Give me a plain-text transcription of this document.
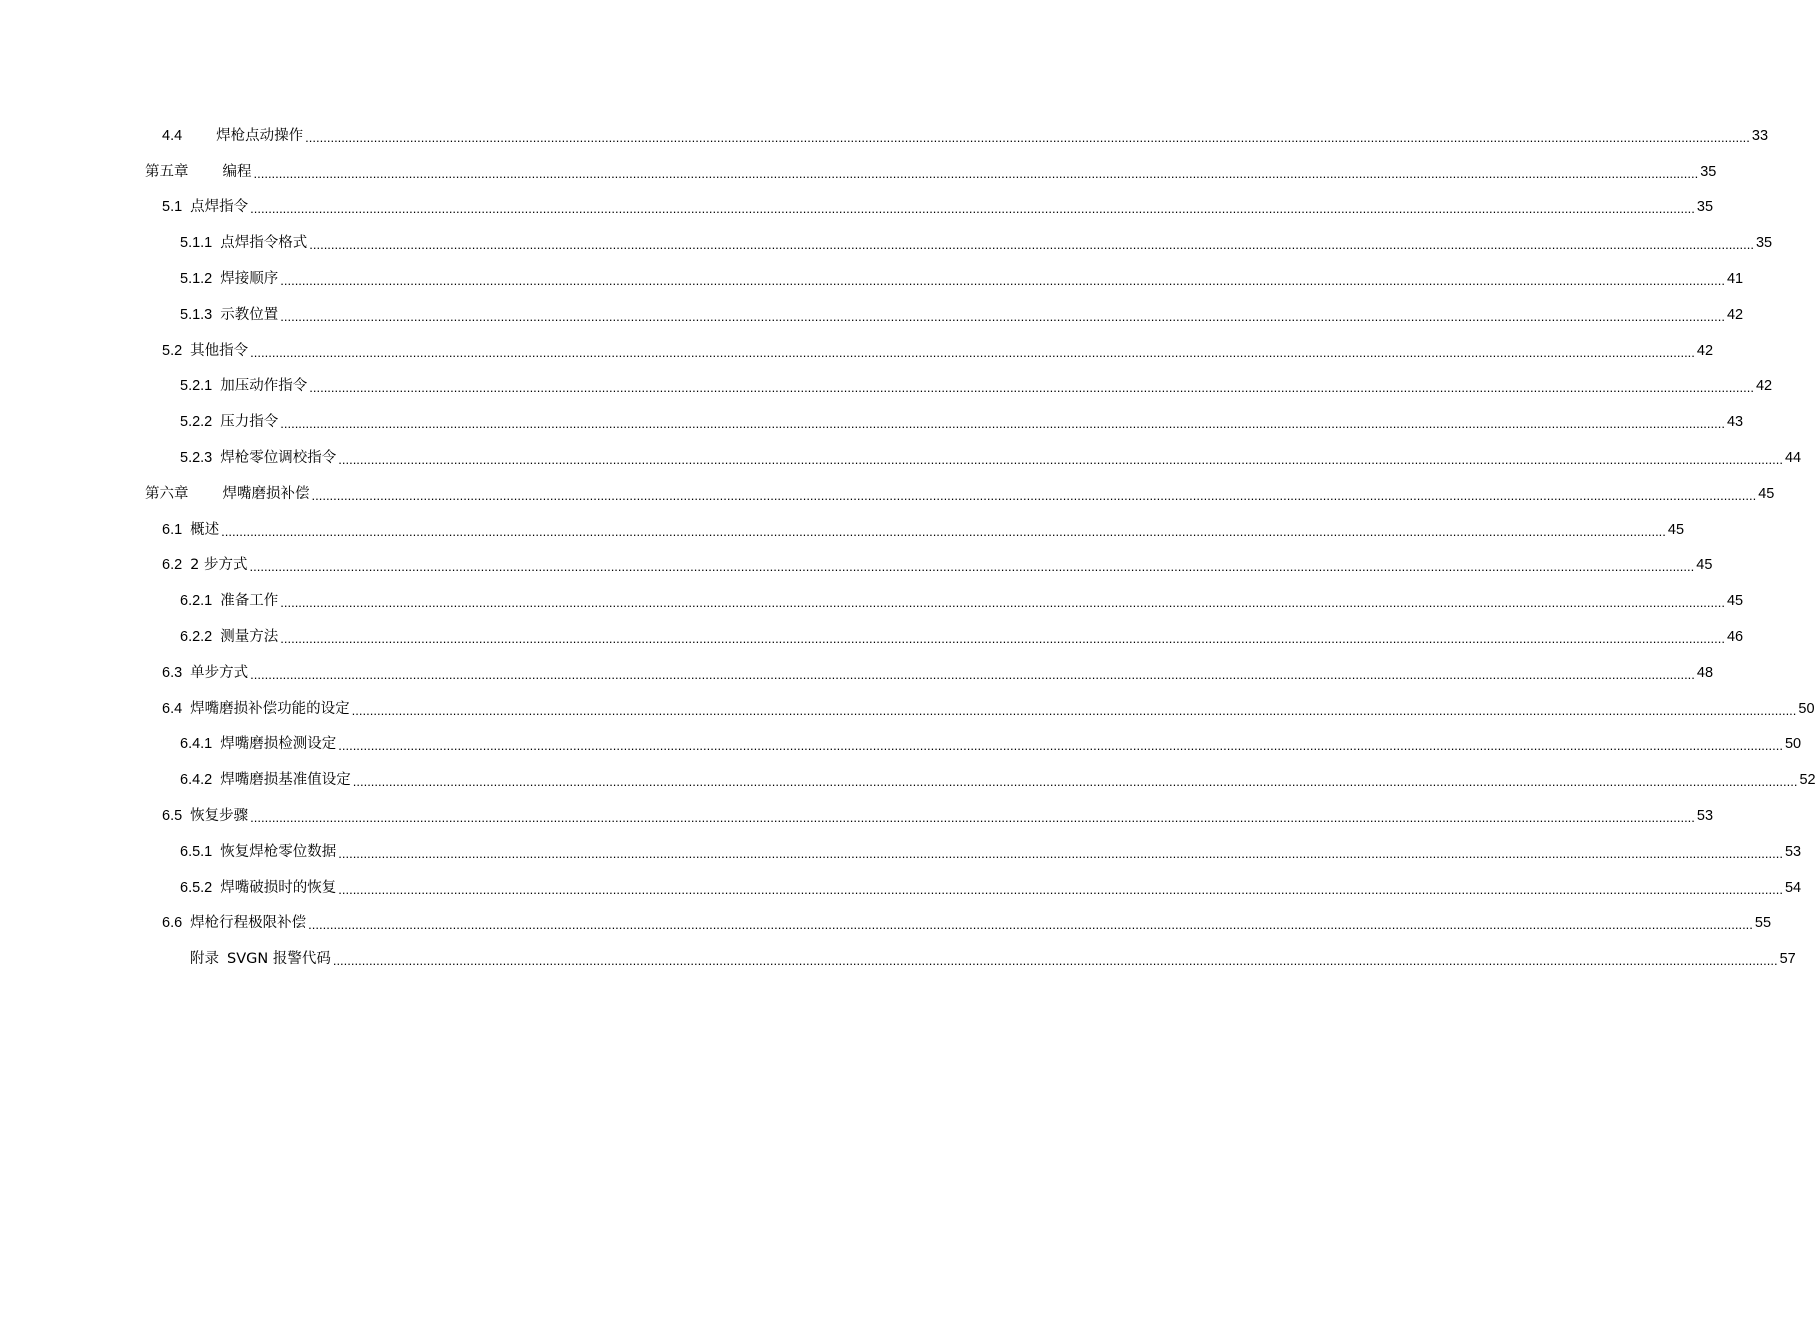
4.4 焊枪点动操作 ................................................................................................................................................................................................................................................................................................................................................................................................................ 33
第五章 编程 ................................................................................................................................................................................................................................................................................................................................................................................................................ 35
5.1 点焊指令 ................................................................................................................................................................................................................................................................................................................................................................................................................ 35
5.1.1 点焊指令格式 ................................................................................................................................................................................................................................................................................................................................................................................................................ 35
5.1.2 焊接顺序 ................................................................................................................................................................................................................................................................................................................................................................................................................ 41
5.1.3 示教位置 ................................................................................................................................................................................................................................................................................................................................................................................................................ 42
5.2 其他指令 ................................................................................................................................................................................................................................................................................................................................................................................................................ 42
5.2.1 加压动作指令 ................................................................................................................................................................................................................................................................................................................................................................................................................ 42
5.2.2 压力指令 ................................................................................................................................................................................................................................................................................................................................................................................................................ 43
5.2.3 焊枪零位调校指令 ................................................................................................................................................................................................................................................................................................................................................................................................................ 44
第六章 焊嘴磨损补偿 ................................................................................................................................................................................................................................................................................................................................................................................................................ 45
6.1 概述 ................................................................................................................................................................................................................................................................................................................................................................................................................ 45
6.2 2 步方式 ................................................................................................................................................................................................................................................................................................................................................................................................................ 45
6.2.1 准备工作 ................................................................................................................................................................................................................................................................................................................................................................................................................ 45
6.2.2 测量方法 ................................................................................................................................................................................................................................................................................................................................................................................................................ 46
6.3 单步方式 ................................................................................................................................................................................................................................................................................................................................................................................................................ 48
6.4 焊嘴磨损补偿功能的设定 ................................................................................................................................................................................................................................................................................................................................................................................................................ 50
6.4.1 焊嘴磨损检测设定 ................................................................................................................................................................................................................................................................................................................................................................................................................ 50
6.4.2 焊嘴磨损基准值设定 ................................................................................................................................................................................................................................................................................................................................................................................................................ 52
6.5 恢复步骤 ................................................................................................................................................................................................................................................................................................................................................................................................................ 53
6.5.1 恢复焊枪零位数据 ................................................................................................................................................................................................................................................................................................................................................................................................................ 53
6.5.2 焊嘴破损时的恢复 ................................................................................................................................................................................................................................................................................................................................................................................................................ 54
6.6 焊枪行程极限补偿 ................................................................................................................................................................................................................................................................................................................................................................................................................ 55
附录 SVGN 报警代码 ................................................................................................................................................................................................................................................................................................................................................................................................................ 57
